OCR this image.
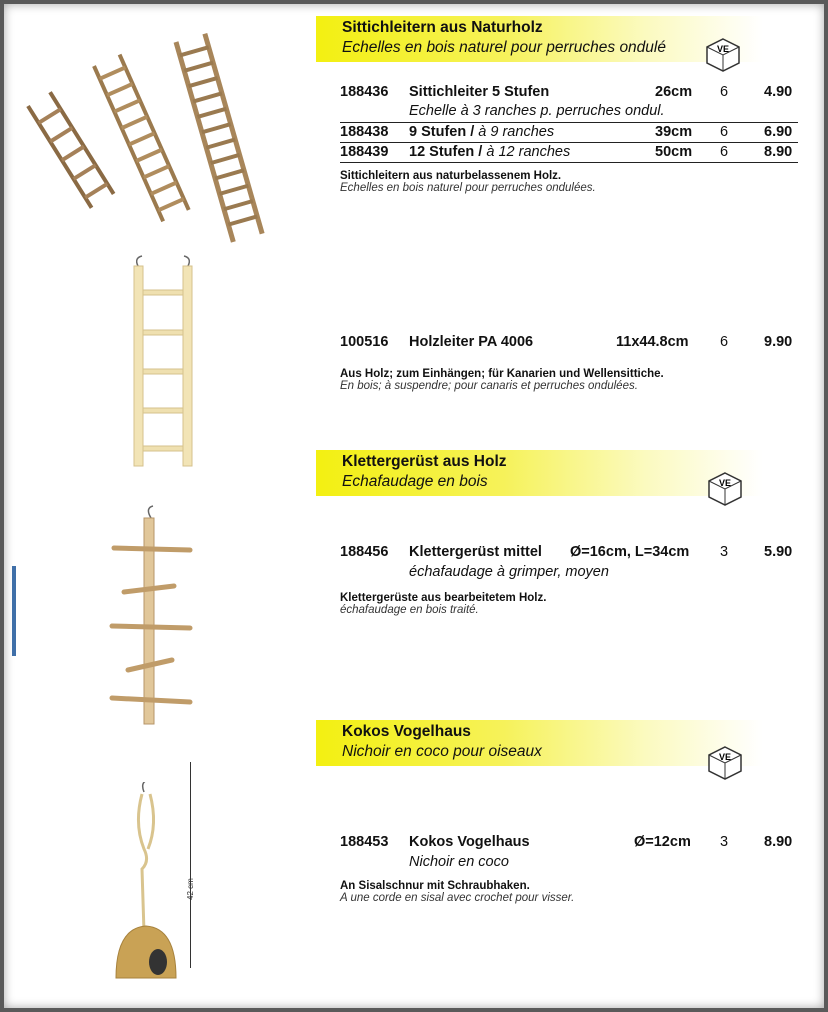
Sittichleitern aus Naturholz
Echelles en bois naturel pour perruches ondulé	VE
188436 Sittichleiter 5 Stufen	26cm 6 4.90
Echelle à 3 ranches p. perruches ondul.
188438 9 Stufen / à 9 ranches	39cm 6 6.90
188439 12 Stufen / à 12 ranches	50cm 6 8.90
Sittichleitern aus naturbelassenem Holz.
Echelles en bois naturel pour perruches ondulées.
100516 Holzleiter PA 4006	11x44.8cm 6 9.90
Aus Holz; zum Einhängen; für Kanarien und Wellensittiche.
En bois; à suspendre; pour canaris et perruches ondulées.
Klettergerüst aus Holz
Echafaudage en bois	VE
188456 Klettergerüst mittel Ø=16cm, L=34cm 3 5.90
échafaudage à grimper, moyen
Klettergerüste aus bearbeitetem Holz.
échafaudage en bois traité.
Kokos Vogelhaus
Nichoir en coco pour oiseaux	VE
42 cm
188453 Kokos Vogelhaus	Ø=12cm 3 8.90
Nichoir en coco
An Sisalschnur mit Schraubhaken.
A une corde en sisal avec crochet pour visser.
